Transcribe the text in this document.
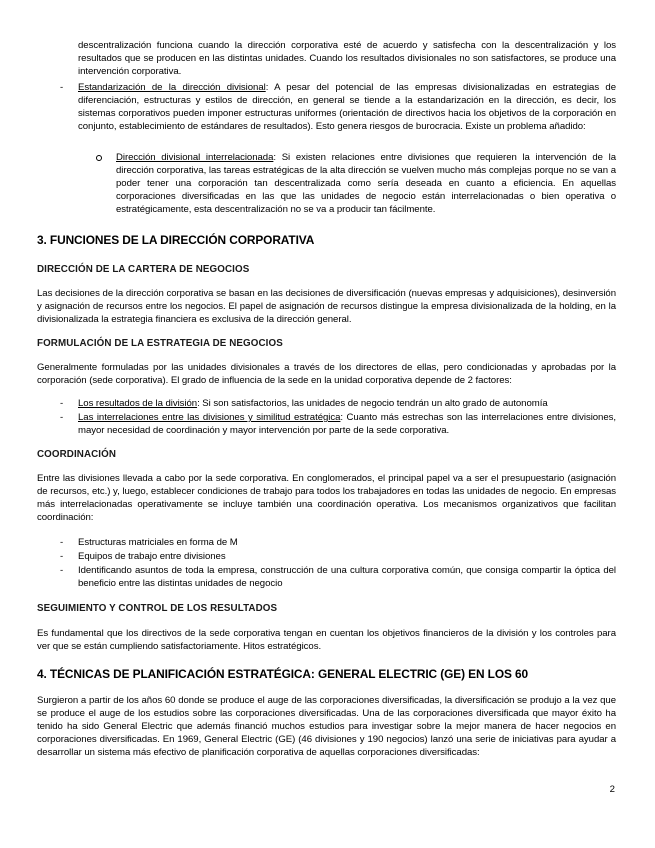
descentralización funciona cuando la dirección corporativa esté de acuerdo y satisfecha con la descentralización y los resultados que se producen en las distintas unidades. Cuando los resultados divisionales no son satisfactores, se produce una intervención corporativa.
- Estandarización de la dirección divisional: A pesar del potencial de las empresas divisionalizadas en estrategias de diferenciación, estructuras y estilos de dirección, en general se tiende a la estandarización en la dirección, es decir, los sistemas corporativos pueden imponer estructuras uniformes (orientación de directivos hacia los objetivos de la corporación en conjunto, establecimiento de estándares de resultados). Esto genera riesgos de burocracia. Existe un problema añadido:
Dirección divisional interrelacionada: Si existen relaciones entre divisiones que requieren la intervención de la dirección corporativa, las tareas estratégicas de la alta dirección se vuelven mucho más complejas porque no se van a poder tener una corporación tan descentralizada como sería deseada en cuanto a eficiencia. En aquellas corporaciones diversificadas en las que las unidades de negocio están interrelacionadas o bien operativa o estratégicamente, esta descentralización no se va a producir tan fácilmente.
3. FUNCIONES DE LA DIRECCIÓN CORPORATIVA
DIRECCIÓN DE LA CARTERA DE NEGOCIOS
Las decisiones de la dirección corporativa se basan en las decisiones de diversificación (nuevas empresas y adquisiciones), desinversión y asignación de recursos entre los negocios. El papel de asignación de recursos distingue la empresa divisionalizada de la holding, en la divisionalizada la estrategia financiera es exclusiva de la dirección general.
FORMULACIÓN DE LA ESTRATEGIA DE NEGOCIOS
Generalmente formuladas por las unidades divisionales a través de los directores de ellas, pero condicionadas y aprobadas por la corporación (sede corporativa). El grado de influencia de la sede en la unidad corporativa depende de 2 factores:
- Los resultados de la división: Si son satisfactorios, las unidades de negocio tendrán un alto grado de autonomía
- Las interrelaciones entre las divisiones y similitud estratégica: Cuanto más estrechas son las interrelaciones entre divisiones, mayor necesidad de coordinación y mayor intervención por parte de la sede corporativa.
COORDINACIÓN
Entre las divisiones llevada a cabo por la sede corporativa. En conglomerados, el principal papel va a ser el presupuestario (asignación de recursos, etc.) y, luego, establecer condiciones de trabajo para todos los trabajadores en todas las unidades de negocio. En empresas más interrelacionadas operativamente se incluye también una coordinación operativa. Los mecanismos organizativos que facilitan coordinación:
- Estructuras matriciales en forma de M
- Equipos de trabajo entre divisiones
- Identificando asuntos de toda la empresa, construcción de una cultura corporativa común, que consiga compartir la óptica del beneficio entre las distintas unidades de negocio
SEGUIMIENTO Y CONTROL DE LOS RESULTADOS
Es fundamental que los directivos de la sede corporativa tengan en cuentan los objetivos financieros de la división y los controles para ver que se están cumpliendo satisfactoriamente. Hitos estratégicos.
4. TÉCNICAS DE PLANIFICACIÓN ESTRATÉGICA: GENERAL ELECTRIC (GE) EN LOS 60
Surgieron a partir de los años 60 donde se produce el auge de las corporaciones diversificadas, la diversificación se produjo a la vez que se produce el auge de los estudios sobre las corporaciones diversificadas. Una de las corporaciones diversificada que mayor éxito ha tenido ha sido General Electric que además financió muchos estudios para investigar sobre la mejor manera de hacer negocios en corporaciones diversificadas. En 1969, General Electric (GE) (46 divisiones y 190 negocios) lanzó una serie de iniciativas para ayudar a desarrollar un sistema más efectivo de planificación corporativa de aquellas corporaciones diversificadas:
2
